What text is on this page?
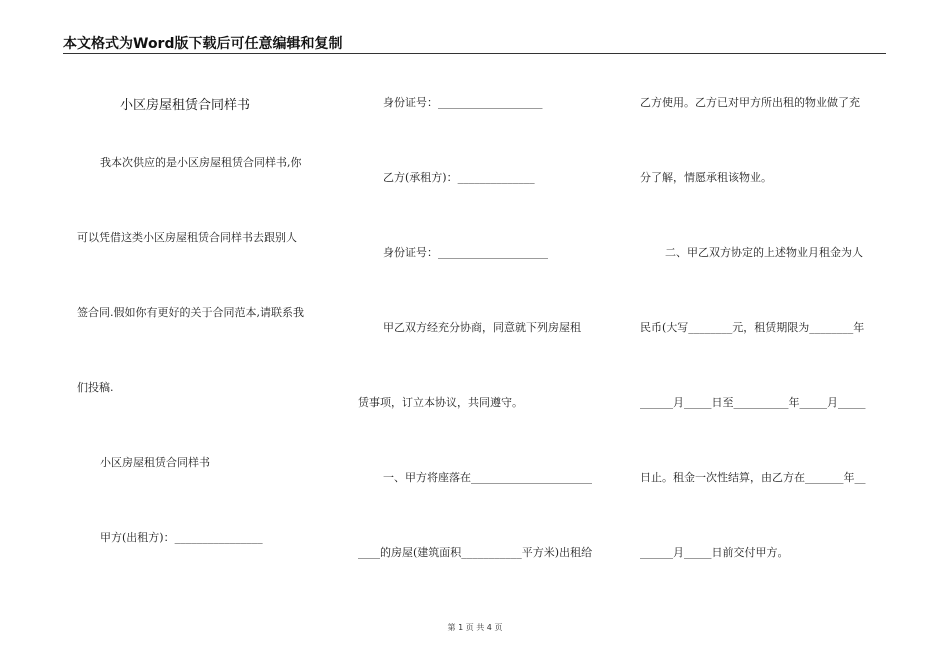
本文格式为Word版下载后可任意编辑和复制
小区房屋租赁合同样书
我本次供应的是小区房屋租赁合同样书,你
可以凭借这类小区房屋租赁合同样书去跟别人
签合同.假如你有更好的关于合同范本,请联系我
们投稿.
小区房屋租赁合同样书
甲方(出租方)：________________
身份证号：___________________
乙方(承租方)：______________
身份证号：____________________
甲乙双方经充分协商，同意就下列房屋租
赁事项，订立本协议，共同遵守。
一、甲方将座落在______________________
____的房屋(建筑面积___________平方米)出租给
乙方使用。乙方已对甲方所出租的物业做了充
分了解，情愿承租该物业。
二、甲乙双方协定的上述物业月租金为人
民币(大写________元，租赁期限为________年
______月_____日至__________年_____月_____
日止。租金一次性结算，由乙方在_______年__
______月_____日前交付甲方。
第 1 页 共 4 页
